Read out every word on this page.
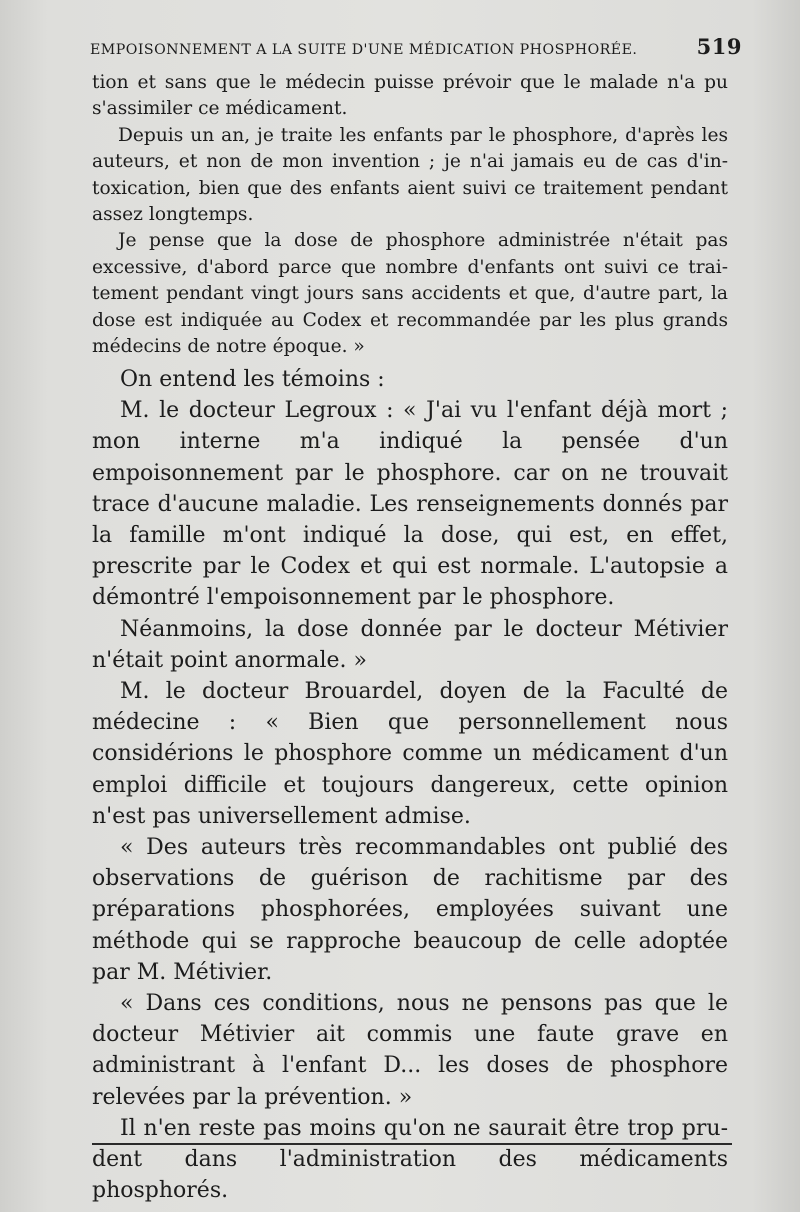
EMPOISONNEMENT A LA SUITE D'UNE MÉDICATION PHOSPHORÉE.	519

tion et sans que le médecin puisse prévoir que le malade n'a pu s'assimiler ce médicament.

Depuis un an, je traite les enfants par le phosphore, d'après les auteurs, et non de mon invention ; je n'ai jamais eu de cas d'intoxication, bien que des enfants aient suivi ce traitement pendant assez longtemps.

Je pense que la dose de phosphore administrée n'était pas excessive, d'abord parce que nombre d'enfants ont suivi ce traitement pendant vingt jours sans accidents et que, d'autre part, la dose est indiquée au Codex et recommandée par les plus grands médecins de notre époque. »

On entend les témoins :

M. le docteur Legroux : « J'ai vu l'enfant déjà mort ; mon interne m'a indiqué la pensée d'un empoisonnement par le phosphore. car on ne trouvait trace d'aucune maladie. Les renseignements donnés par la famille m'ont indiqué la dose, qui est, en effet, prescrite par le Codex et qui est normale. L'autopsie a démontré l'empoisonnement par le phosphore.

Néanmoins, la dose donnée par le docteur Métivier n'était point anormale. »

M. le docteur Brouardel, doyen de la Faculté de médecine : « Bien que personnellement nous considérions le phosphore comme un médicament d'un emploi difficile et toujours dangereux, cette opinion n'est pas universellement admise.

« Des auteurs très recommandables ont publié des observations de guérison de rachitisme par des préparations phosphorées, employées suivant une méthode qui se rapproche beaucoup de celle adoptée par M. Métivier.

« Dans ces conditions, nous ne pensons pas que le docteur Métivier ait commis une faute grave en administrant à l'enfant D... les doses de phosphore relevées par la prévention. »

Il n'en reste pas moins qu'on ne saurait être trop prudent dans l'administration des médicaments phosphorés.
